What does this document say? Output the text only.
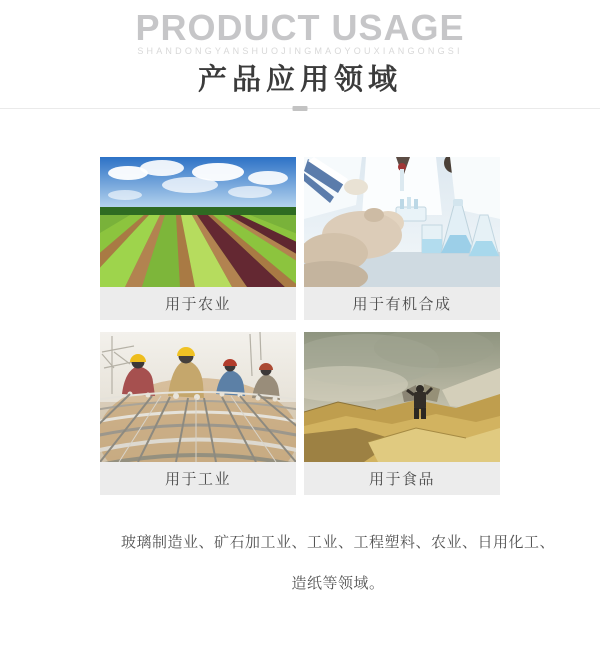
PRODUCT USAGE
SHANDONGYANSHUOJINGMAOYOUXIANGONGSI
产品应用领域
用于农业	用于有机合成
用于工业	用于食品

玻璃制造业、矿石加工业、工业、工程塑料、农业、日用化工、
造纸等领域。
